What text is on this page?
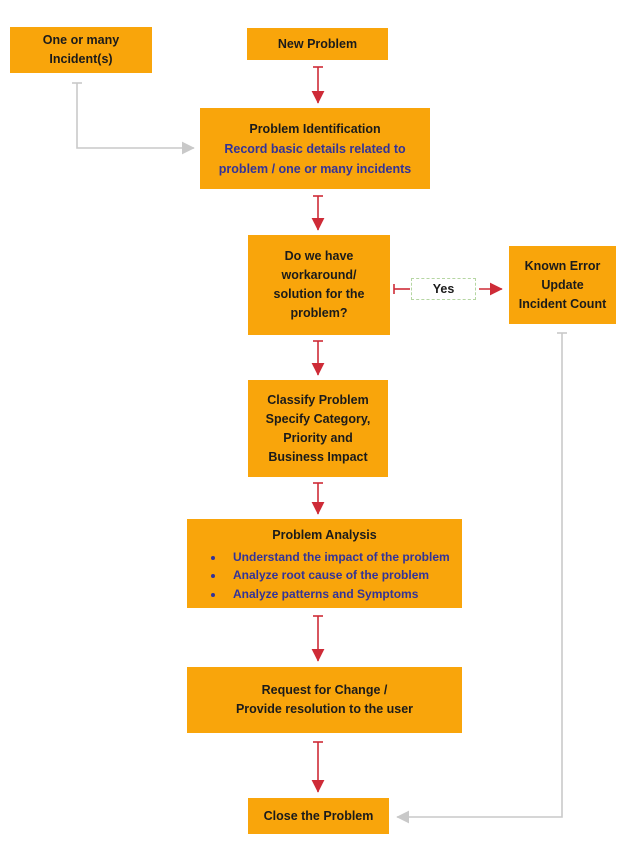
One or many
Incident(s)
New Problem
Problem Identification
Record basic details related to
problem / one or many incidents
Do we have
workaround/
solution for the
problem?
Yes
Known Error
Update
Incident Count
Classify Problem
Specify Category,
Priority and
Business Impact
Problem Analysis
• Understand the impact of the problem
• Analyze root cause of the problem
• Analyze patterns and Symptoms
Request for Change /
Provide resolution to the user
Close the Problem
